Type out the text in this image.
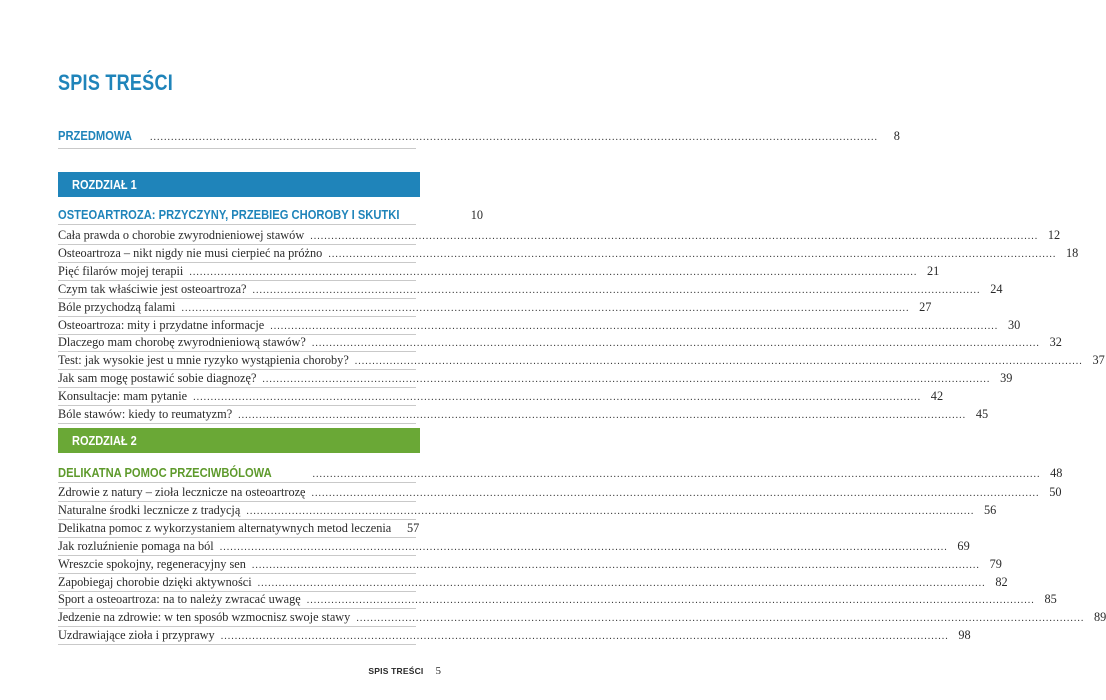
SPIS TREŚCI
PRZEDMOWA .....	8
ROZDZIAŁ 1
OSTEOARTROZA: PRZYCZYNY, PRZEBIEG CHOROBY I SKUTKI	10
Cała prawda o chorobie zwyrodnieniowej stawów .....	12
Osteoartroza – nikt nigdy nie musi cierpieć na próżno .....	18
Pięć filarów mojej terapii .....	21
Czym tak właściwie jest osteoartroza? .....	24
Bóle przychodzą falami .....	27
Osteoartroza: mity i przydatne informacje .....	30
Dlaczego mam chorobę zwyrodnieniową stawów? .....	32
Test: jak wysokie jest u mnie ryzyko wystąpienia choroby? .....	37
Jak sam mogę postawić sobie diagnozę? .....	39
Konsultacje: mam pytanie .....	42
Bóle stawów: kiedy to reumatyzm? .....	45
ROZDZIAŁ 2
DELIKATNA POMOC PRZECIWBÓLOWA .....	48
Zdrowie z natury – zioła lecznicze na osteoartrozę .....	50
Naturalne środki lecznicze z tradycją .....	56
Delikatna pomoc z wykorzystaniem alternatywnych metod leczenia	57
Jak rozluźnienie pomaga na ból .....	69
Wreszcie spokojny, regeneracyjny sen .....	79
Zapobiegaj chorobie dzięki aktywności .....	82
Sport a osteoartroza: na to należy zwracać uwagę .....	85
Jedzenie na zdrowie: w ten sposób wzmocnisz swoje stawy .....	89
Uzdrawiające zioła i przyprawy .....	98
SPIS TREŚCI 5
